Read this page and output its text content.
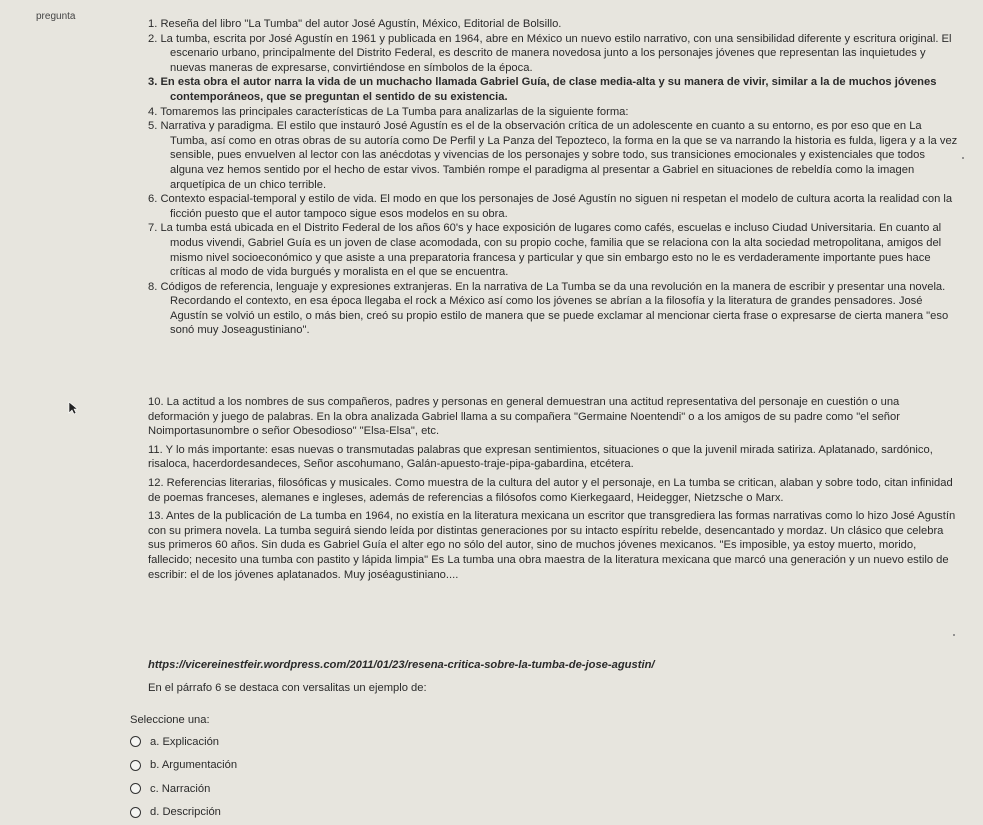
pregunta

1. Reseña del libro "La Tumba" del autor José Agustín, México, Editorial de Bolsillo.

2. La tumba, escrita por José Agustín en 1961 y publicada en 1964, abre en México un nuevo estilo narrativo, con una sensibilidad diferente y escritura original. El escenario urbano, principalmente del Distrito Federal, es descrito de manera novedosa junto a los personajes jóvenes que representan las inquietudes y nuevas maneras de expresarse, convirtiéndose en símbolos de la época.

3. En esta obra el autor narra la vida de un muchacho llamada Gabriel Guía, de clase media-alta y su manera de vivir, similar a la de muchos jóvenes contemporáneos, que se preguntan el sentido de su existencia.

4. Tomaremos las principales características de La Tumba para analizarlas de la siguiente forma:

5. Narrativa y paradigma. El estilo que instauró José Agustín es el de la observación crítica de un adolescente en cuanto a su entorno, es por eso que en La Tumba, así como en otras obras de su autoría como De Perfil y La Panza del Tepozteco, la forma en la que se va narrando la historia es fulda, ligera y a la vez sensible, pues envuelven al lector con las anécdotas y vivencias de los personajes y sobre todo, sus transiciones emocionales y existenciales que todos alguna vez hemos sentido por el hecho de estar vivos. También rompe el paradigma al presentar a Gabriel en situaciones de rebeldía como la imagen arquetípica de un chico terrible.

6. Contexto espacial-temporal y estilo de vida. El modo en que los personajes de José Agustín no siguen ni respetan el modelo de cultura acorta la realidad con la ficción puesto que el autor tampoco sigue esos modelos en su obra.

7. La tumba está ubicada en el Distrito Federal de los años 60's y hace exposición de lugares como cafés, escuelas e incluso Ciudad Universitaria. En cuanto al modus vivendi, Gabriel Guía es un joven de clase acomodada, con su propio coche, familia que se relaciona con la alta sociedad metropolitana, amigos del mismo nivel socioeconómico y que asiste a una preparatoria francesa y particular y que sin embargo esto no le es verdaderamente importante pues hace críticas al modo de vida burgués y moralista en el que se encuentra.

8. Códigos de referencia, lenguaje y expresiones extranjeras. En la narrativa de La Tumba se da una revolución en la manera de escribir y presentar una novela. Recordando el contexto, en esa época llegaba el rock a México así como los jóvenes se abrían a la filosofía y la literatura de grandes pensadores. José Agustín se volvió un estilo, o más bien, creó su propio estilo de manera que se puede exclamar al mencionar cierta frase o expresarse de cierta manera "eso sonó muy Joseagustiniano".

10. La actitud a los nombres de sus compañeros, padres y personas en general demuestran una actitud representativa del personaje en cuestión o una deformación y juego de palabras. En la obra analizada Gabriel llama a su compañera "Germaine Noentendi" o a los amigos de su padre como "el señor Noimportasunombre o señor Obesodioso" "Elsa-Elsa", etc.

11. Y lo más importante: esas nuevas o transmutadas palabras que expresan sentimientos, situaciones o que la juvenil mirada satiriza. Aplatanado, sardónico, risaloca, hacerdordesandeces, Señor ascohumano, Galán-apuesto-traje-pipa-gabardina, etcétera.

12. Referencias literarias, filosóficas y musicales. Como muestra de la cultura del autor y el personaje, en La tumba se critican, alaban y sobre todo, citan infinidad de poemas franceses, alemanes e ingleses, además de referencias a filósofos como Kierkegaard, Heidegger, Nietzsche o Marx.

13. Antes de la publicación de La tumba en 1964, no existía en la literatura mexicana un escritor que transgrediera las formas narrativas como lo hizo José Agustín con su primera novela. La tumba seguirá siendo leída por distintas generaciones por su intacto espíritu rebelde, desencantado y mordaz. Un clásico que celebra sus primeros 60 años. Sin duda es Gabriel Guía el alter ego no sólo del autor, sino de muchos jóvenes mexicanos. "Es imposible, ya estoy muerto, morido, fallecido; necesito una tumba con pastito y lápida limpia" Es La tumba una obra maestra de la literatura mexicana que marcó una generación y un nuevo estilo de escribir: el de los jóvenes aplatanados. Muy joséagustiniano....

https://vicereinestfeir.wordpress.com/2011/01/23/resena-critica-sobre-la-tumba-de-jose-agustin/
En el párrafo 6 se destaca con versalitas un ejemplo de:
Seleccione una:
a. Explicación
b. Argumentación
c. Narración
d. Descripción
